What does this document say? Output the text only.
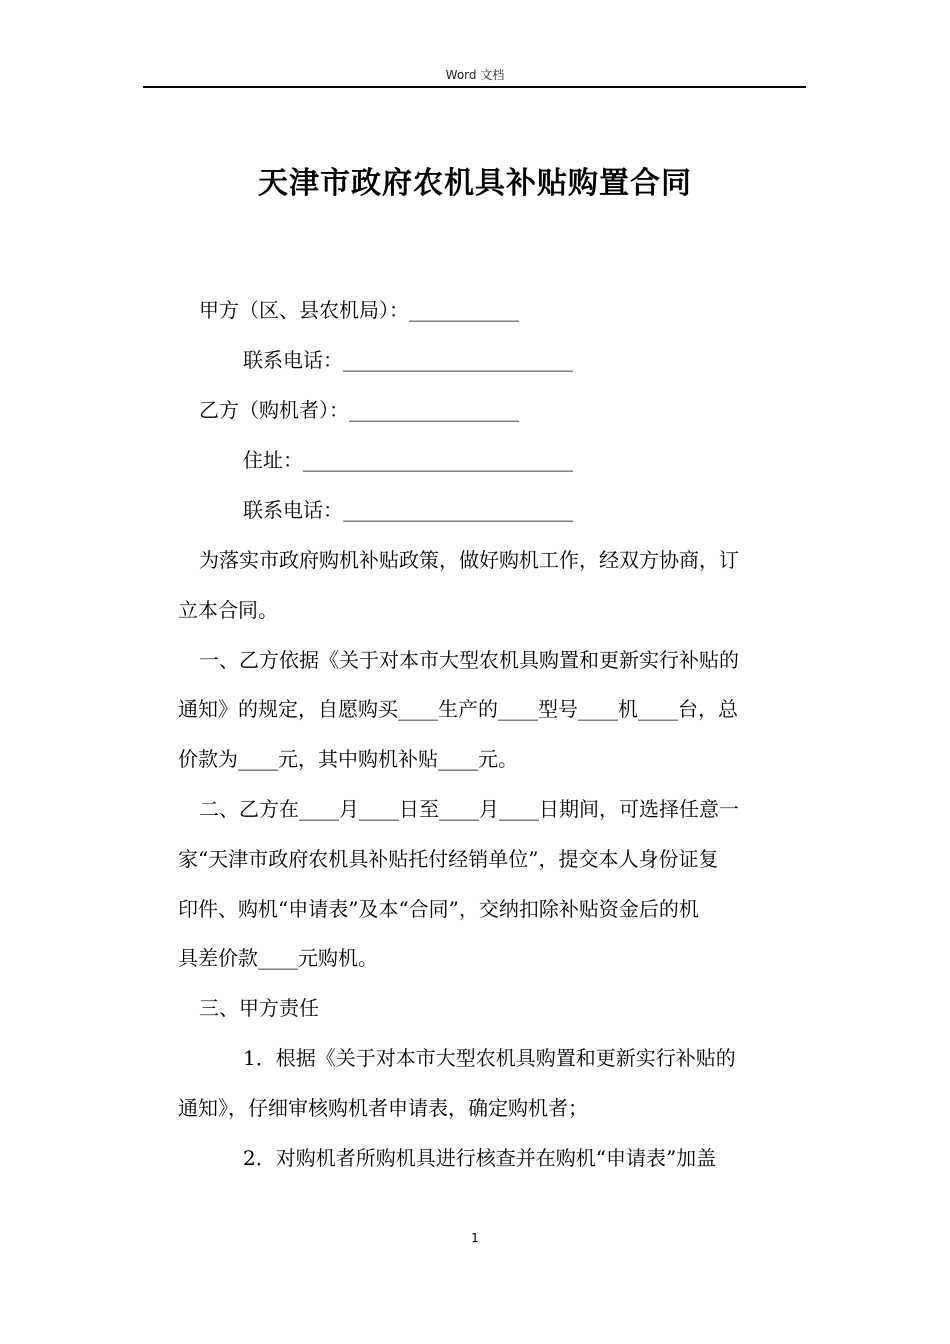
Word 文档
天津市政府农机具补贴购置合同
甲方（区、县农机局）：___________
联系电话：_______________________
乙方（购机者）：_________________
住址：___________________________
联系电话：_______________________
为落实市政府购机补贴政策，做好购机工作，经双方协商，订
立本合同。
一、乙方依据《关于对本市大型农机具购置和更新实行补贴的
通知》的规定，自愿购买____生产的____型号____机____台，总
价款为____元，其中购机补贴____元。
二、乙方在____月____日至____月____日期间，可选择任意一
家“天津市政府农机具补贴托付经销单位”，提交本人身份证复
印件、购机“申请表”及本“合同”，交纳扣除补贴资金后的机
具差价款____元购机。
三、甲方责任
1．根据《关于对本市大型农机具购置和更新实行补贴的
通知》，仔细审核购机者申请表，确定购机者；
2．对购机者所购机具进行核查并在购机“申请表”加盖
1
